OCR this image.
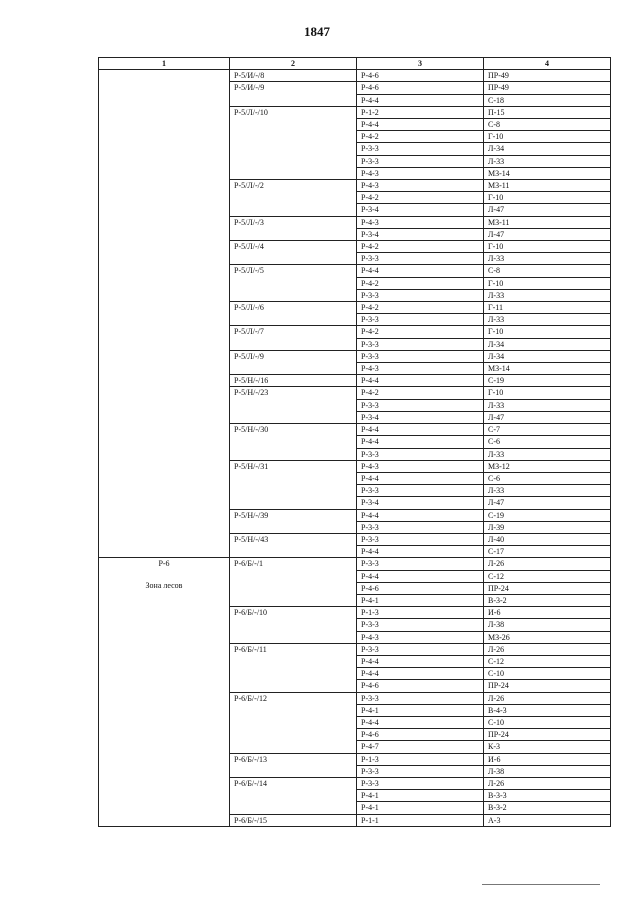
1847
1	2	3	4

	Р-5/И/-/8	Р-4-6	ПР-49
	Р-5/И/-/9	Р-4-6	ПР-49
		Р-4-4	С-18
	Р-5/Л/-/10	Р-1-2	П-15
		Р-4-4	С-8
		Р-4-2	Г-10
		Р-3-3	Л-34
		Р-3-3	Л-33
		Р-4-3	МЗ-14
	Р-5/Л/-/2	Р-4-3	МЗ-11
		Р-4-2	Г-10
		Р-3-4	Л-47
	Р-5/Л/-/3	Р-4-3	МЗ-11
		Р-3-4	Л-47
	Р-5/Л/-/4	Р-4-2	Г-10
		Р-3-3	Л-33
	Р-5/Л/-/5	Р-4-4	С-8
		Р-4-2	Г-10
		Р-3-3	Л-33
	Р-5/Л/-/6	Р-4-2	Г-11
		Р-3-3	Л-33
	Р-5/Л/-/7	Р-4-2	Г-10
		Р-3-3	Л-34
	Р-5/Л/-/9	Р-3-3	Л-34
		Р-4-3	МЗ-14
	Р-5/Н/-/16	Р-4-4	С-19
	Р-5/Н/-/23	Р-4-2	Г-10
		Р-3-3	Л-33
		Р-3-4	Л-47
	Р-5/Н/-/30	Р-4-4	С-7
		Р-4-4	С-6
		Р-3-3	Л-33
	Р-5/Н/-/31	Р-4-3	МЗ-12
		Р-4-4	С-6
		Р-3-3	Л-33
		Р-3-4	Л-47
	Р-5/Н/-/39	Р-4-4	С-19
		Р-3-3	Л-39
	Р-5/Н/-/43	Р-3-3	Л-40
		Р-4-4	С-17

Р-6
Зона лесов	Р-6/Б/-/1	Р-3-3	Л-26
		Р-4-4	С-12
		Р-4-6	ПР-24
		Р-4-1	В-3-2
	Р-6/Б/-/10	Р-1-3	И-6
		Р-3-3	Л-38
		Р-4-3	МЗ-26
	Р-6/Б/-/11	Р-3-3	Л-26
		Р-4-4	С-12
		Р-4-4	С-10
		Р-4-6	ПР-24
	Р-6/Б/-/12	Р-3-3	Л-26
		Р-4-1	В-4-3
		Р-4-4	С-10
		Р-4-6	ПР-24
		Р-4-7	К-3
	Р-6/Б/-/13	Р-1-3	И-6
		Р-3-3	Л-38
	Р-6/Б/-/14	Р-3-3	Л-26
		Р-4-1	В-3-3
		Р-4-1	В-3-2
	Р-6/Б/-/15	Р-1-1	А-3
